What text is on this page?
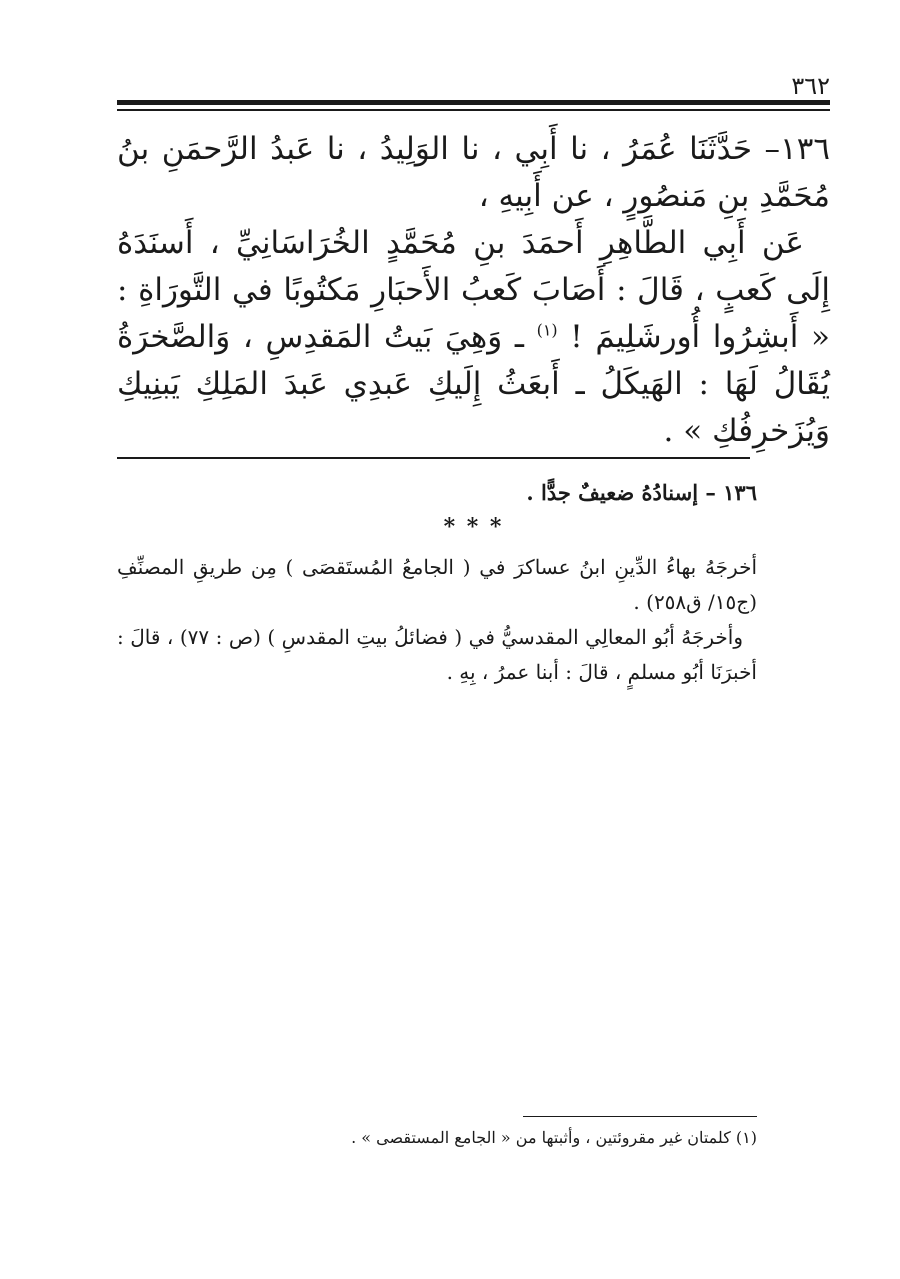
٣٦٢

١٣٦– حَدَّثَنَا عُمَرُ ، نا أَبِي ، نا الوَلِيدُ ، نا عَبدُ الرَّحمَنِ بنُ مُحَمَّدِ بنِ مَنصُورٍ ، عن أَبِيهِ ،

عَن أَبِي الطَّاهِرِ أَحمَدَ بنِ مُحَمَّدٍ الخُرَاسَانِيِّ ، أَسنَدَهُ إِلَى كَعبٍ ، قَالَ : أَصَابَ كَعبُ الأَحبَارِ مَكتُوبًا في التَّورَاةِ : « أَبشِرُوا أُورشَلِيمَ ! $^{(١)}$ ـ وَهِيَ بَيتُ المَقدِسِ ، وَالصَّخرَةُ يُقَالُ لَهَا : الهَيكَلُ ـ أَبعَثُ إِلَيكِ عَبدِي عَبدَ المَلِكِ يَبنِيكِ وَيُزَخرِفُكِ » .

١٣٦ – إسنادُهُ ضعيفٌ جدًّا .

* * *

أخرجَهُ بهاءُ الدِّينِ ابنُ عساكرَ في ( الجامعُ المُستَقصَى ) مِن طريقِ المصنِّفِ (ج١٥/ ق٢٥٨) .

وأخرجَهُ أبُو المعالِي المقدسيُّ في ( فضائلُ بيتِ المقدسِ ) (ص : ٧٧) ، قالَ : أخبرَنَا أبُو مسلمٍ ، قالَ : أبنا عمرُ ، بِهِ .

(١) كلمتان غير مقروئتين ، وأثبتها من « الجامع المستقصى » .
